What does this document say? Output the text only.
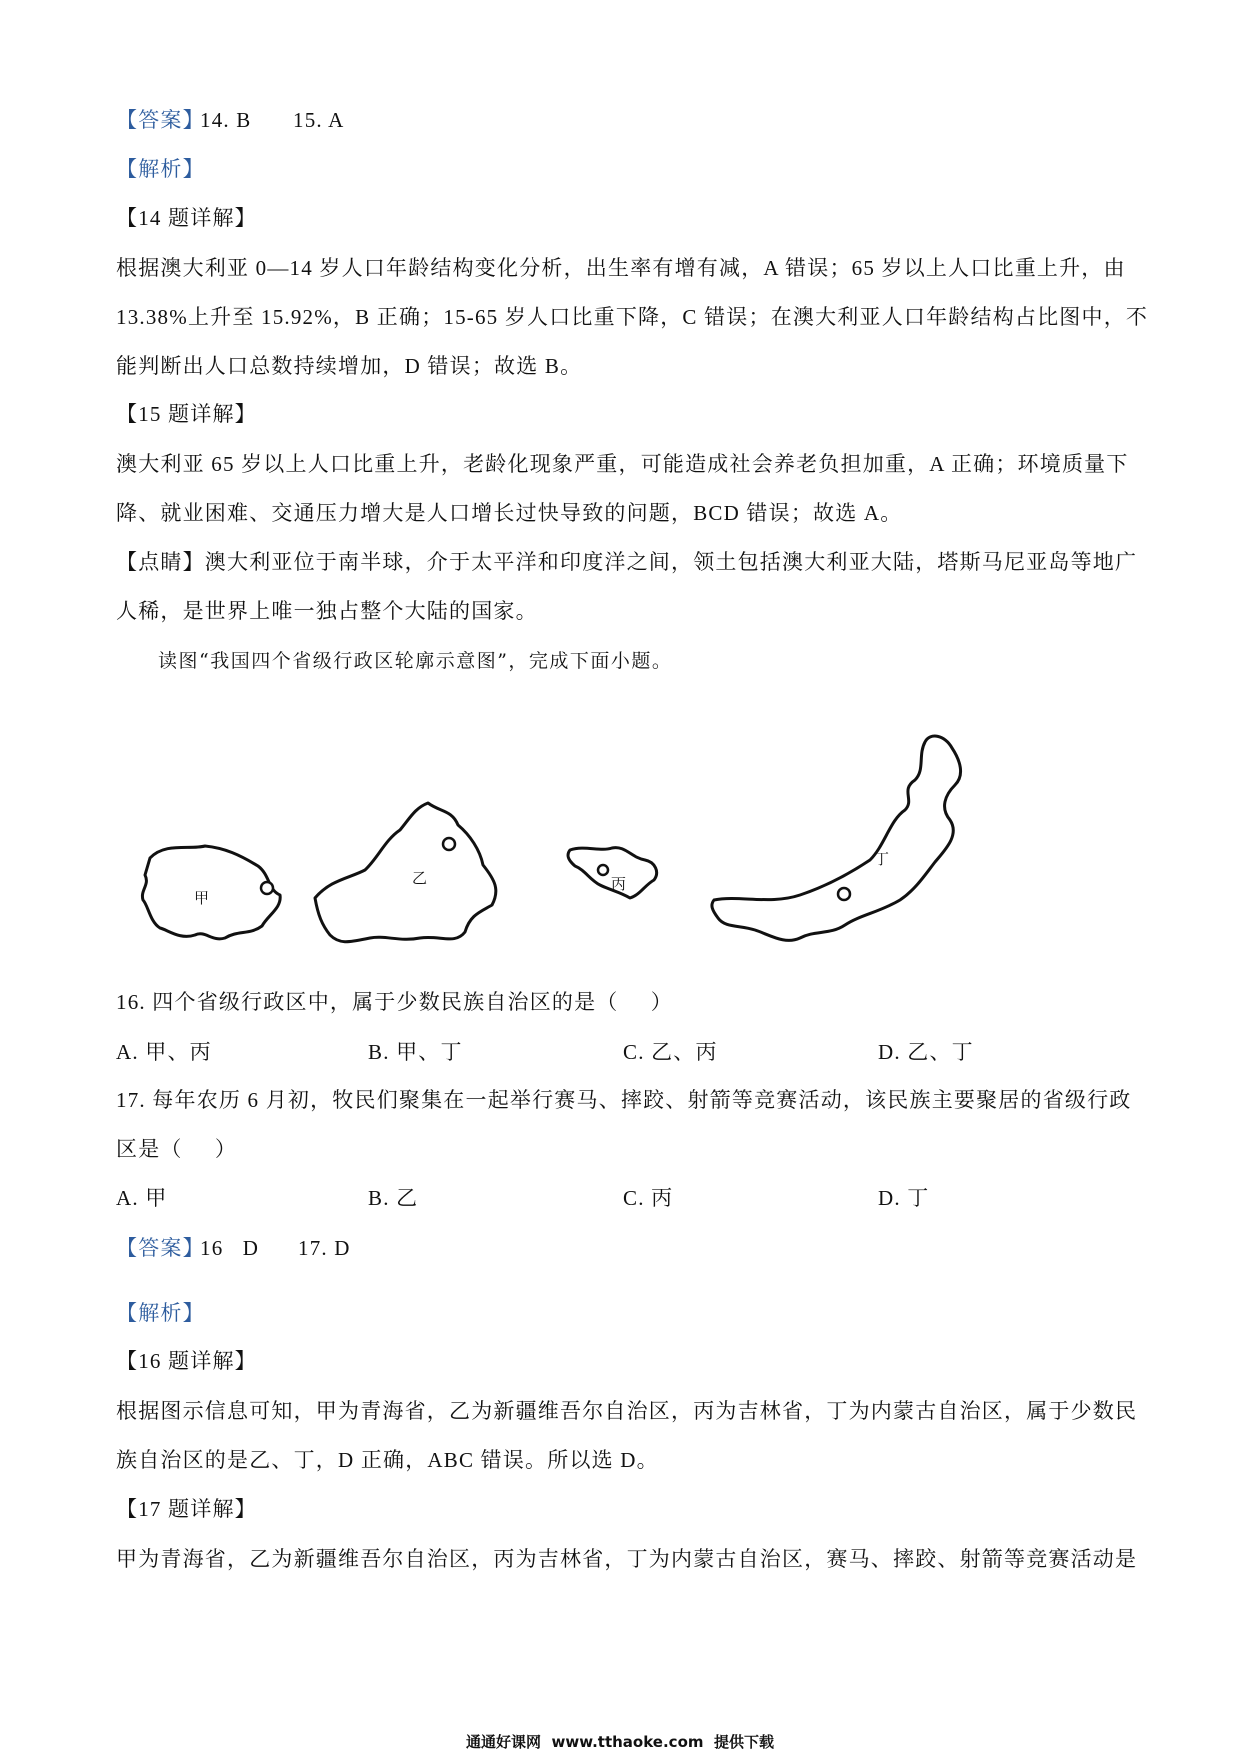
【答案】
14. B 15. A
【解析】
【14 题详解】
根据澳大利亚 0—14 岁人口年龄结构变化分析，出生率有增有减，A 错误；65 岁以上人口比重上升，由
13.38%上升至 15.92%，B 正确；15-65 岁人口比重下降，C 错误；在澳大利亚人口年龄结构占比图中，不
能判断出人口总数持续增加，D 错误；故选 B。
【15 题详解】
澳大利亚 65 岁以上人口比重上升，老龄化现象严重，可能造成社会养老负担加重，A 正确；环境质量下
降、就业困难、交通压力增大是人口增长过快导致的问题，BCD 错误；故选 A。
【点睛】澳大利亚位于南半球，介于太平洋和印度洋之间，领土包括澳大利亚大陆，塔斯马尼亚岛等地广
人稀，是世界上唯一独占整个大陆的国家。
读图“我国四个省级行政区轮廓示意图”，完成下面小题。
甲
乙	丙
丁
16. 四个省级行政区中，属于少数民族自治区的是（     ）
A. 甲、丙	B. 甲、丁	C. 乙、丙	D. 乙、丁
17. 每年农历 6 月初，牧民们聚集在一起举行赛马、摔跤、射箭等竞赛活动，该民族主要聚居的省级行政
区是（     ）
A. 甲	B. 乙	C. 丙	D. 丁
【答案】
16   D 17. D
【解析】
【16 题详解】
根据图示信息可知，甲为青海省，乙为新疆维吾尔自治区，丙为吉林省，丁为内蒙古自治区，属于少数民
族自治区的是乙、丁，D 正确，ABC 错误。所以选 D。
【17 题详解】
甲为青海省，乙为新疆维吾尔自治区，丙为吉林省，丁为内蒙古自治区，赛马、摔跤、射箭等竞赛活动是
通通好课网  www.tthaoke.com  提供下载
